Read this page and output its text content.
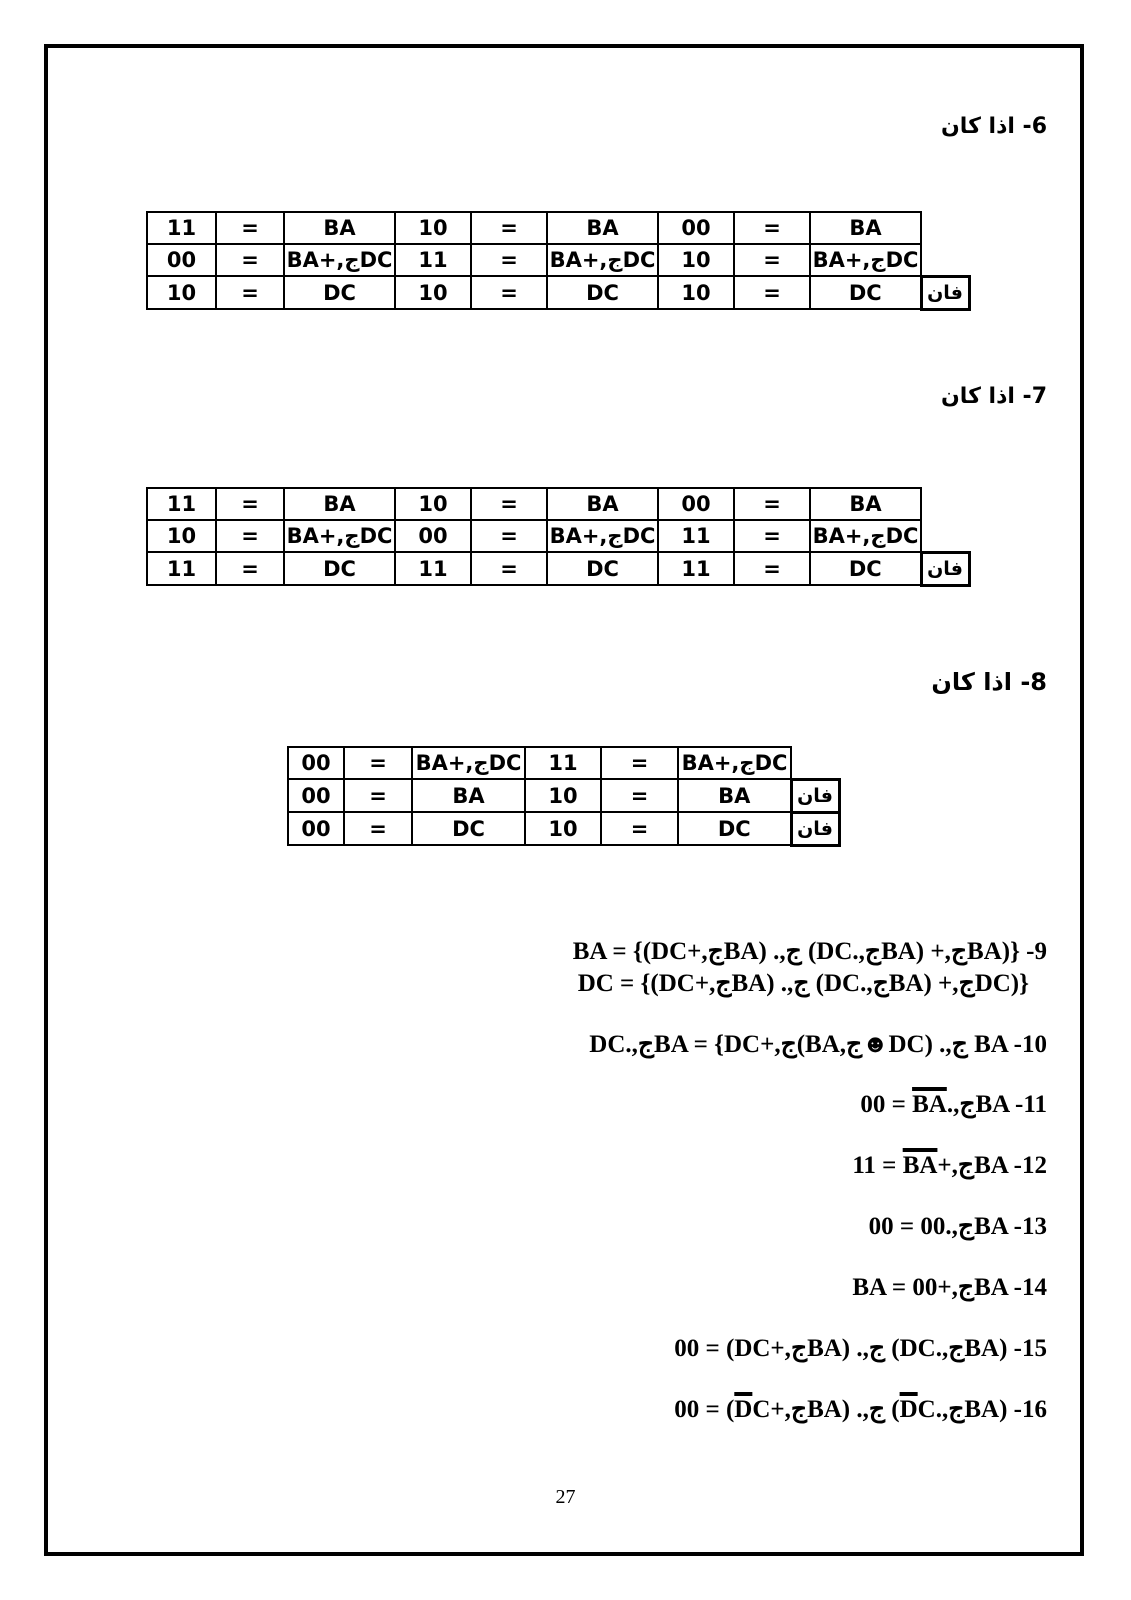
6- اذا كان
11	=	BA	10	=	BA	00	=	BA	
00	=	BA+,جDC	11	=	BA+,جDC	10	=	BA+,جDC	
10	=	DC	10	=	DC	10	=	DC	فان
7- اذا كان
11	=	BA	10	=	BA	00	=	BA	
10	=	BA+,جDC	00	=	BA+,جDC	11	=	BA+,جDC	
11	=	DC	11	=	DC	11	=	DC	فان
8- اذا كان
00	=	BA+,جDC	11	=	BA+,جDC	
00	=	BA	10	=	BA	فان
00	=	DC	10	=	DC	فان
BA = {(DC+,جBA) .,ج (DC.,جBA) +,جBA)} -9
DC = {(DC+,جBA) .,ج (DC.,جBA) +,جDC)}
DC.,جBA = {DC+,ج(BA,ج☻DC) .,ج BA -10
$00 = \overline{BA}.,جBA$ -11
$11 = \overline{BA}+,جBA$ -12
00 = 00.,جBA -13
BA = 00+,جBA -14
00 = (DC+,جBA) .,ج (DC.,جBA) -15
$00 = (\overline{D}C+,جBA)$ .,ج $(\overline{D}C.,جBA)$ -16
27
